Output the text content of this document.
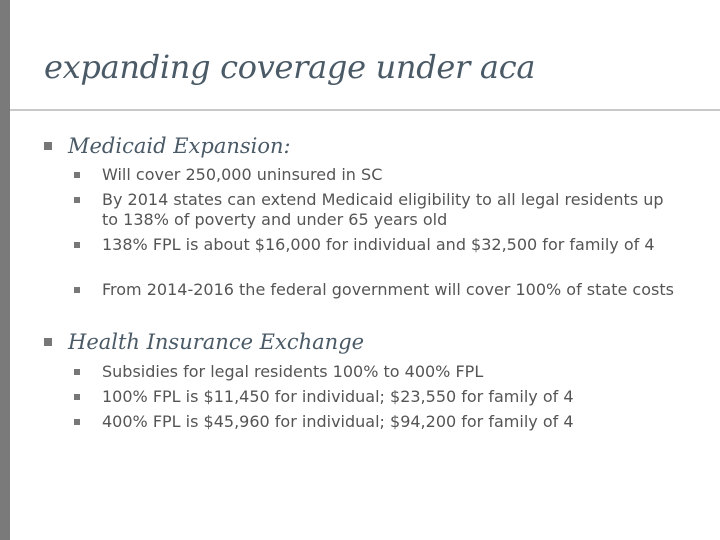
expanding coverage under aca
Medicaid Expansion:
Will cover 250,000 uninsured in SC
By 2014 states can extend Medicaid eligibility to all legal residents up to 138% of poverty and under 65 years old
138% FPL is about $16,000 for individual and $32,500 for family of 4
From 2014-2016 the federal government will cover 100% of state costs
Health Insurance Exchange
Subsidies for legal residents 100% to 400% FPL
100% FPL is $11,450 for individual; $23,550 for family of 4
400% FPL is $45,960 for individual; $94,200 for family of 4
